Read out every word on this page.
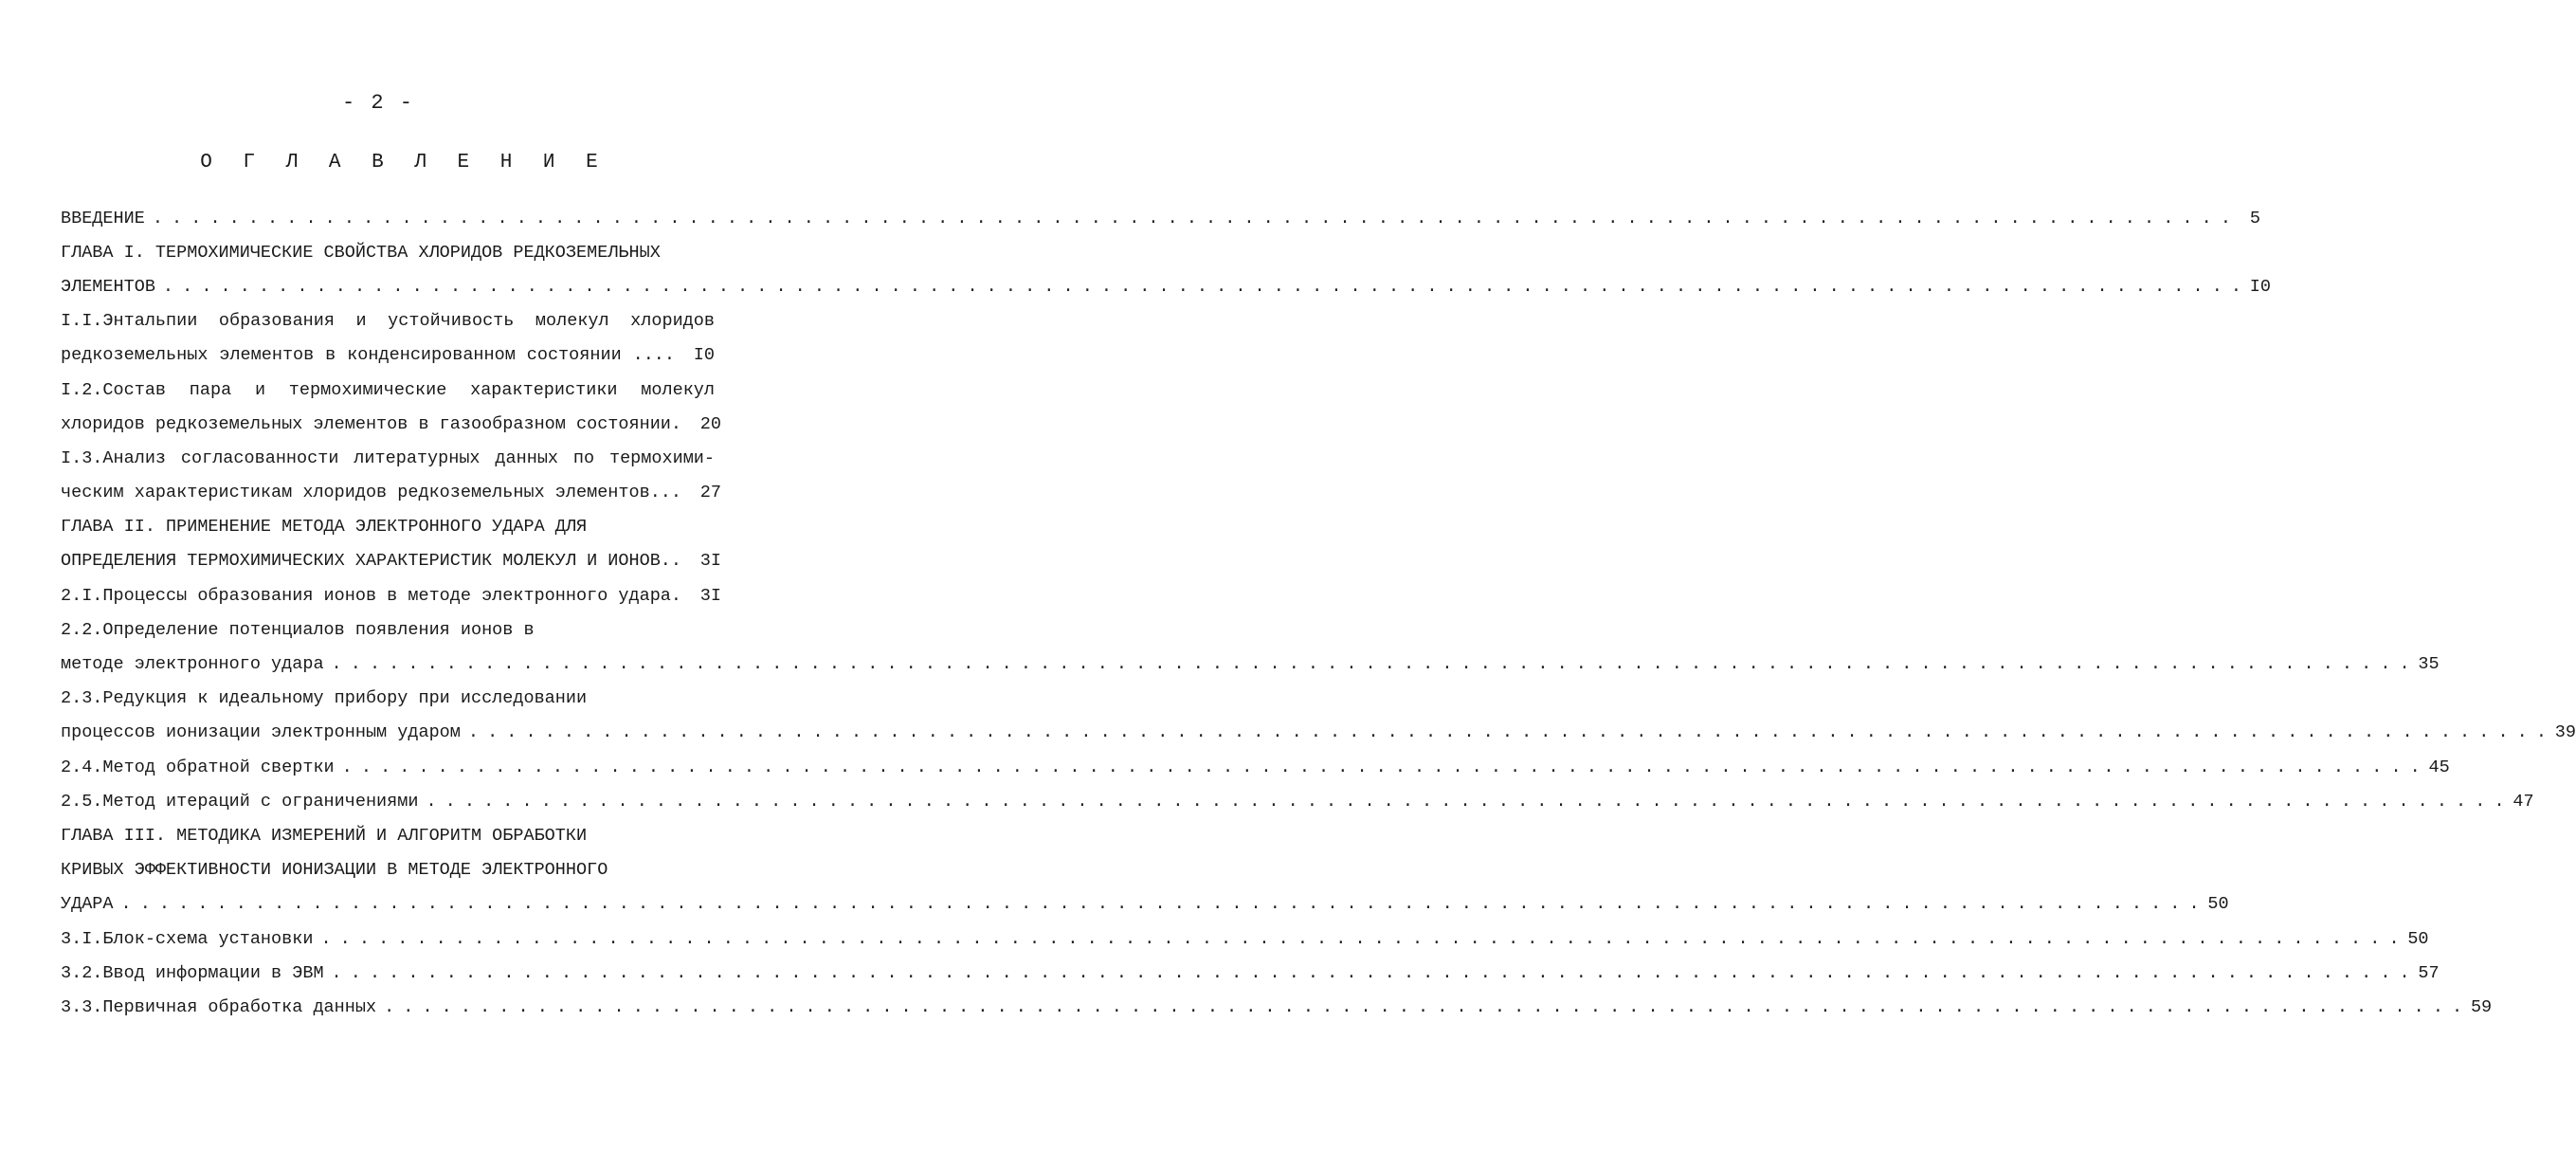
- 2 -
О Г Л А В Л Е Н И Е
ВВЕДЕНИЕ . . .	5
ГЛАВА I. ТЕРМОХИМИЧЕСКИЕ СВОЙСТВА ХЛОРИДОВ РЕДКОЗЕМЕЛЬНЫХ
ЭЛЕМЕНТОВ . . .	I0
I.I.Энтальпии образования и устойчивость молекул хлоридов
редкоземельных элементов в конденсированном состоянии ....	I0
I.2.Состав пара и термохимические характеристики молекул
хлоридов редкоземельных элементов в газообразном состоянии.	20
I.3.Анализ согласованности литературных данных по термохими-
ческим характеристикам хлоридов редкоземельных элементов...	27
ГЛАВА II. ПРИМЕНЕНИЕ МЕТОДА ЭЛЕКТРОННОГО УДАРА ДЛЯ
ОПРЕДЕЛЕНИЯ ТЕРМОХИМИЧЕСКИХ ХАРАКТЕРИСТИК МОЛЕКУЛ И ИОНОВ..	3I
2.I.Процессы образования ионов в методе электронного удара.	3I
2.2.Определение потенциалов появления ионов в
методе электронного удара . . .	35
2.3.Редукция к идеальному прибору при исследовании
процессов ионизации электронным ударом . . .	39
2.4.Метод обратной свертки . . .	45
2.5.Метод итераций с ограничениями . . .	47
ГЛАВА III. МЕТОДИКА ИЗМЕРЕНИЙ И АЛГОРИТМ ОБРАБОТКИ
КРИВЫХ ЭФФЕКТИВНОСТИ ИОНИЗАЦИИ В МЕТОДЕ ЭЛЕКТРОННОГО
УДАРА . . .	50
3.I.Блок-схема установки . . .	50
3.2.Ввод информации в ЭВМ . . .	57
3.3.Первичная обработка данных . . .	59
